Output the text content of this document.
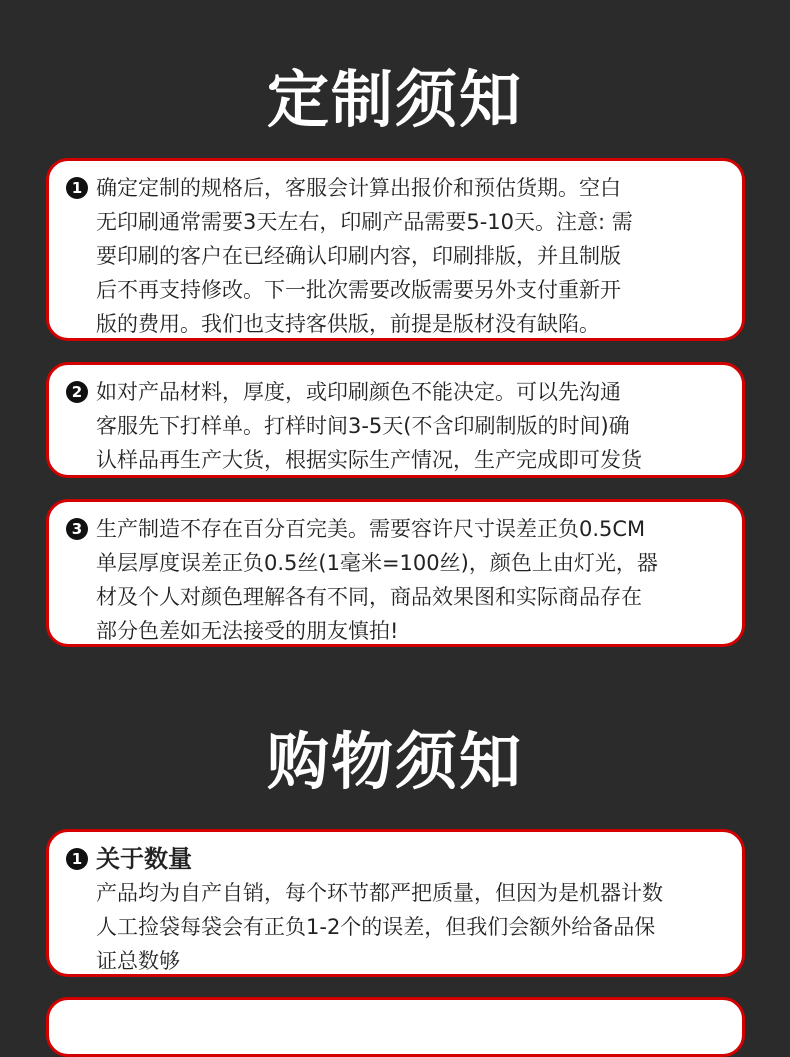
定制须知
1 确定定制的规格后，客服会计算出报价和预估货期。空白
无印刷通常需要3天左右，印刷产品需要5-10天。注意: 需
要印刷的客户在已经确认印刷内容，印刷排版，并且制版
后不再支持修改。下一批次需要改版需要另外支付重新开
版的费用。我们也支持客供版，前提是版材没有缺陷。
2 如对产品材料，厚度，或印刷颜色不能决定。可以先沟通
客服先下打样单。打样时间3-5天(不含印刷制版的时间)确
认样品再生产大货，根据实际生产情况，生产完成即可发货
3 生产制造不存在百分百完美。需要容许尺寸误差正负0.5CM
单层厚度误差正负0.5丝(1毫米=100丝)，颜色上由灯光，器
材及个人对颜色理解各有不同，商品效果图和实际商品存在
部分色差如无法接受的朋友慎拍!
购物须知
1 关于数量
产品均为自产自销，每个环节都严把质量，但因为是机器计数
人工捡袋每袋会有正负1-2个的误差，但我们会额外给备品保
证总数够
